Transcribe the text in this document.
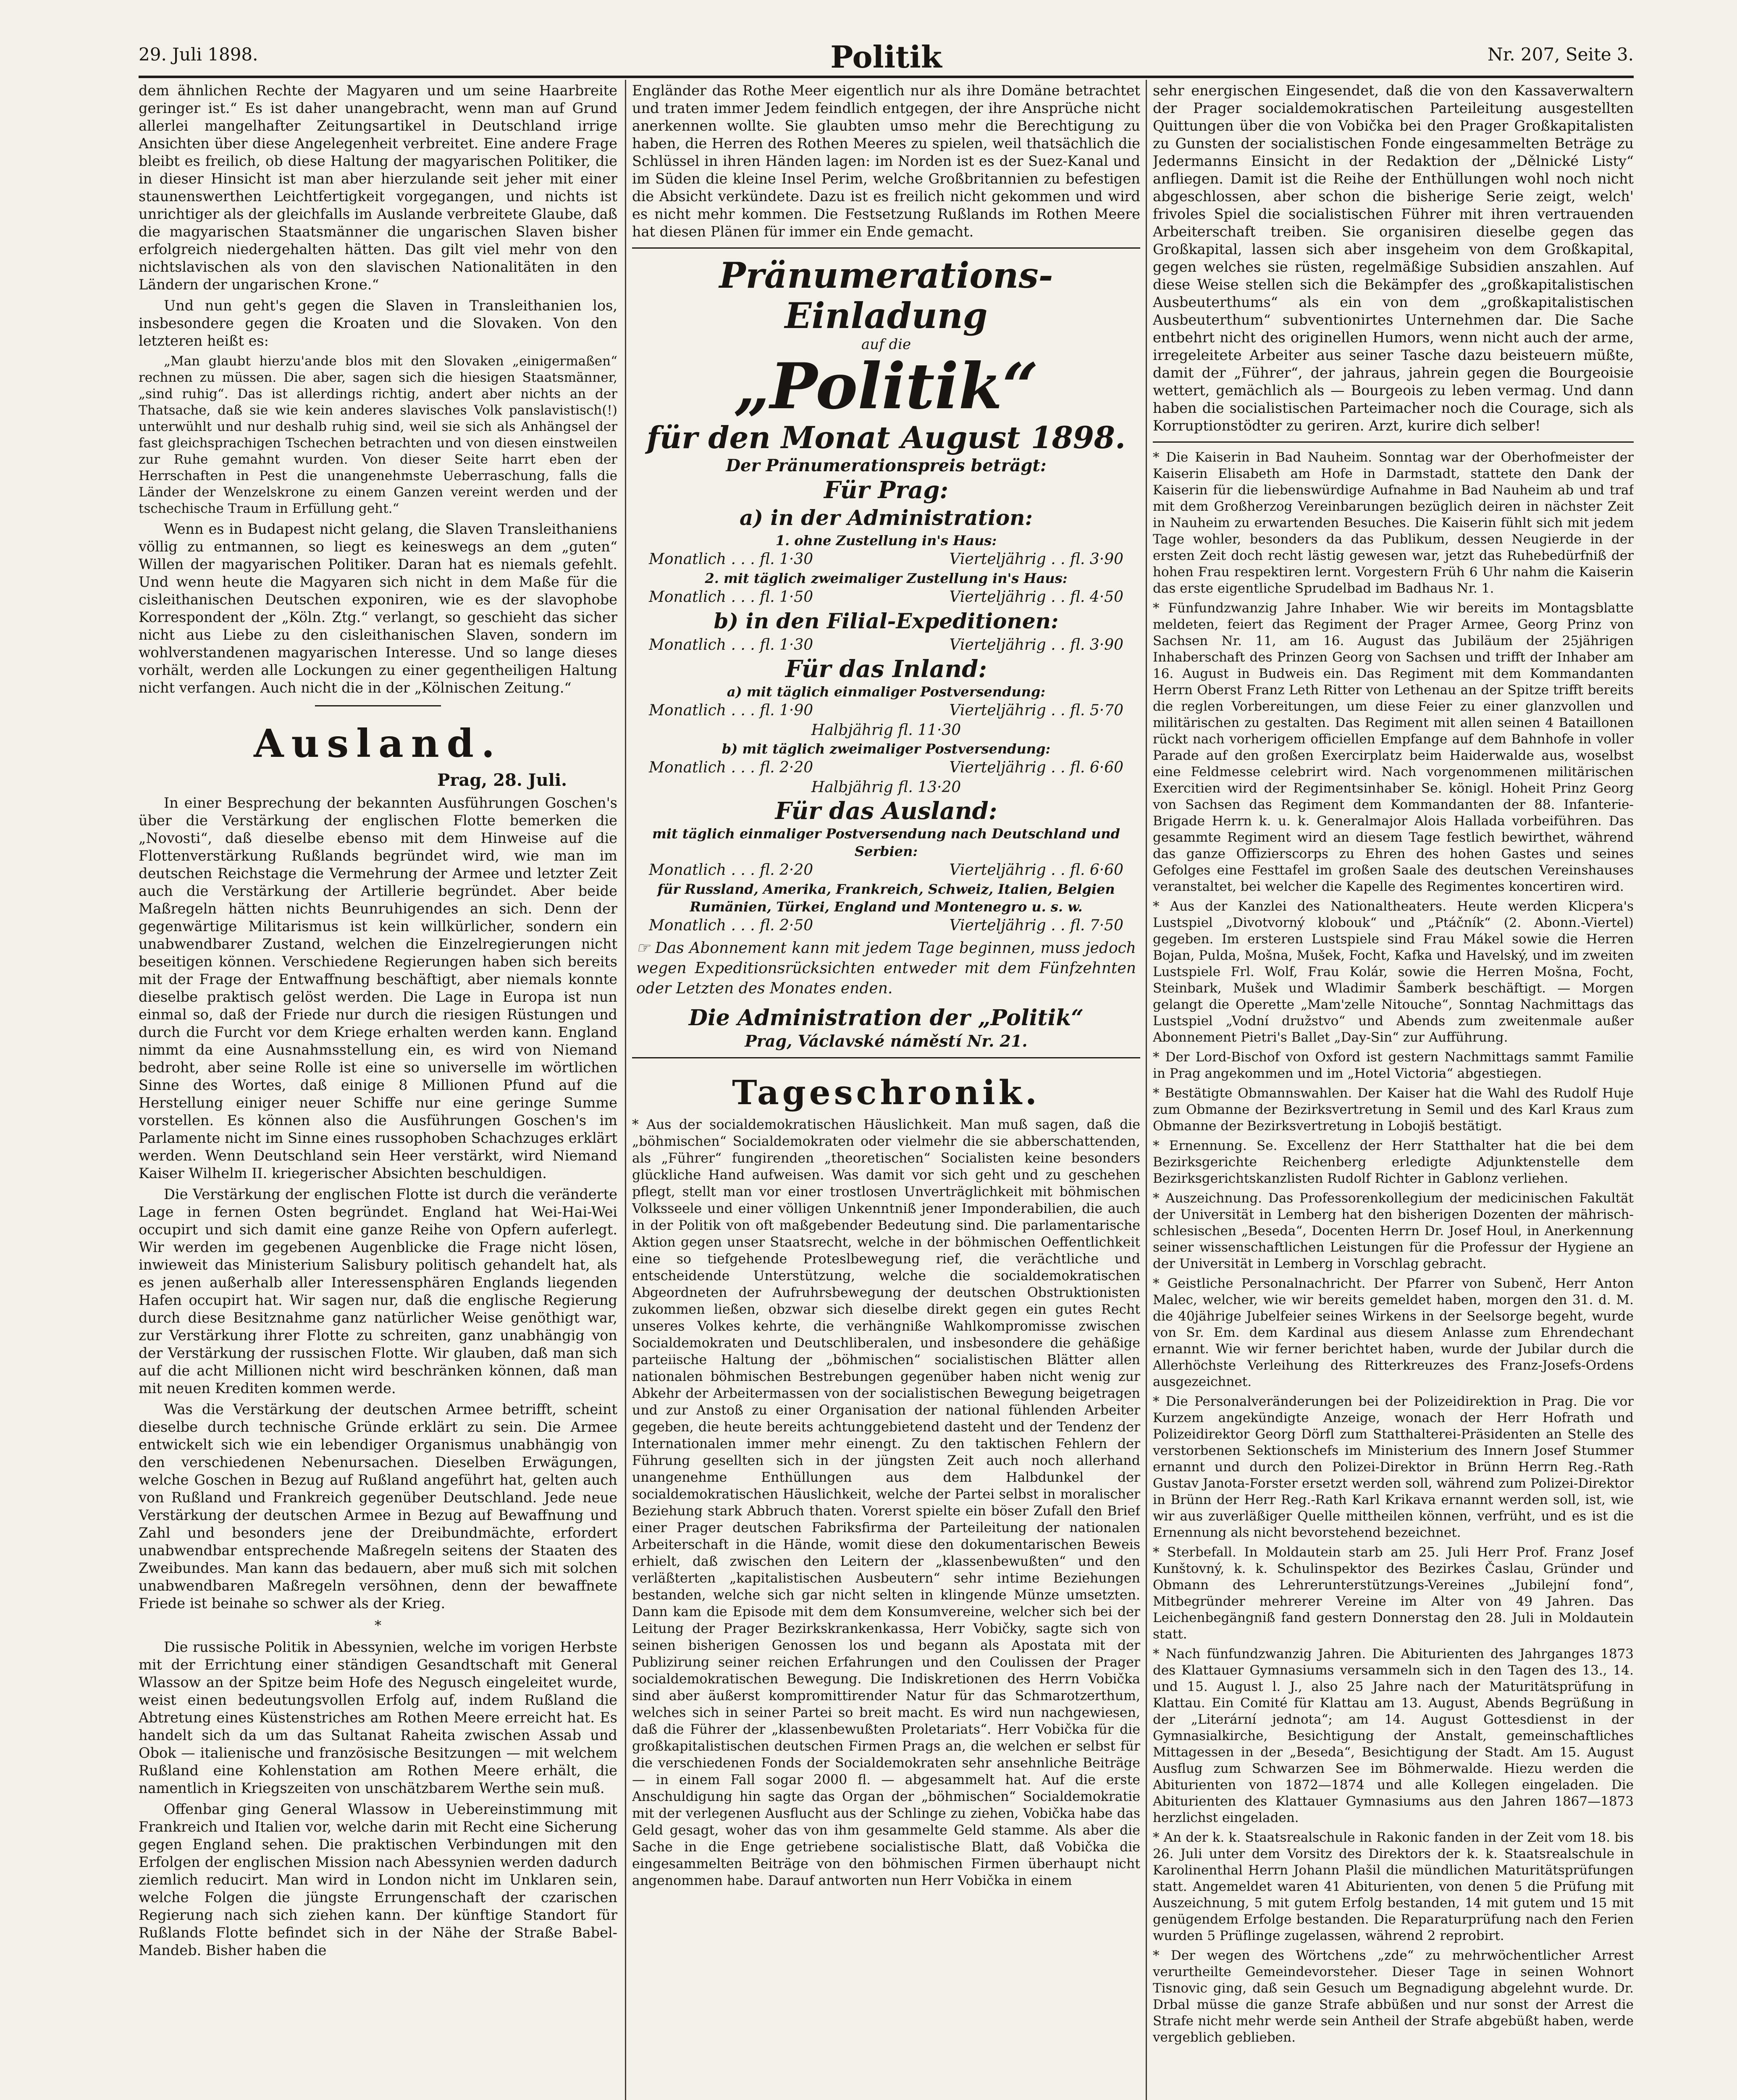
29. Juli 1898.	Politik	Nr. 207, Seite 3.

dem ähnlichen Rechte der Magyaren und um seine Haarbreite geringer ist.“ Es ist daher unangebracht, wenn man auf Grund allerlei mangelhafter Zeitungsartikel in Deutschland irrige Ansichten über diese Angelegenheit verbreitet. Eine andere Frage bleibt es freilich, ob diese Haltung der magyarischen Politiker, die in dieser Hinsicht ist man aber hierzulande seit jeher mit einer staunenswerthen Leichtfertigkeit vorgegangen, und nichts ist unrichtiger als der gleichfalls im Auslande verbreitete Glaube, daß die magyarischen Staatsmänner die ungarischen Slaven bisher erfolgreich niedergehalten hätten. Das gilt viel mehr von den nichtslavischen als von den slavischen Nationalitäten in den Ländern der ungarischen Krone.“

Und nun geht's gegen die Slaven in Transleithanien los, insbesondere gegen die Kroaten und die Slovaken. Von den letzteren heißt es:

„Man glaubt hierzu'ande blos mit den Slovaken „einigermaßen“ rechnen zu müssen. Die aber, sagen sich die hiesigen Staatsmänner, „sind ruhig“. Das ist allerdings richtig, andert aber nichts an der Thatsache, daß sie wie kein anderes slavisches Volk panslavistisch(!) unterwühlt und nur deshalb ruhig sind, weil sie sich als Anhängsel der fast gleichsprachigen Tschechen betrachten und von diesen einstweilen zur Ruhe gemahnt wurden. Von dieser Seite harrt eben der Herrschaften in Pest die unangenehmste Ueberraschung, falls die Länder der Wenzelskrone zu einem Ganzen vereint werden und der tschechische Traum in Erfüllung geht.“

Wenn es in Budapest nicht gelang, die Slaven Transleithaniens völlig zu entmannen, so liegt es keineswegs an dem „guten“ Willen der magyarischen Politiker. Daran hat es niemals gefehlt. Und wenn heute die Magyaren sich nicht in dem Maße für die cisleithanischen Deutschen exponiren, wie es der slavophobe Korrespondent der „Köln. Ztg.“ verlangt, so geschieht das sicher nicht aus Liebe zu den cisleithanischen Slaven, sondern im wohlverstandenen magyarischen Interesse. Und so lange dieses vorhält, werden alle Lockungen zu einer gegentheiligen Haltung nicht verfangen. Auch nicht die in der „Kölnischen Zeitung.“

Ausland.
Prag, 28. Juli.

In einer Besprechung der bekannten Ausführungen Goschen's über die Verstärkung der englischen Flotte bemerken die „Novosti“, daß dieselbe ebenso mit dem Hinweise auf die Flottenverstärkung Rußlands begründet wird, wie man im deutschen Reichstage die Vermehrung der Armee und letzter Zeit auch die Verstärkung der Artillerie begründet. Aber beide Maßregeln hätten nichts Beunruhigendes an sich. Denn der gegenwärtige Militarismus ist kein willkürlicher, sondern ein unabwendbarer Zustand, welchen die Einzelregierungen nicht beseitigen können. Verschiedene Regierungen haben sich bereits mit der Frage der Entwaffnung beschäftigt, aber niemals konnte dieselbe praktisch gelöst werden. Die Lage in Europa ist nun einmal so, daß der Friede nur durch die riesigen Rüstungen und durch die Furcht vor dem Kriege erhalten werden kann. England nimmt da eine Ausnahmsstellung ein, es wird von Niemand bedroht, aber seine Rolle ist eine so universelle im wörtlichen Sinne des Wortes, daß einige 8 Millionen Pfund auf die Herstellung einiger neuer Schiffe nur eine geringe Summe vorstellen. Es können also die Ausführungen Goschen's im Parlamente nicht im Sinne eines russophoben Schachzuges erklärt werden. Wenn Deutschland sein Heer verstärkt, wird Niemand Kaiser Wilhelm II. kriegerischer Absichten beschuldigen.

Die Verstärkung der englischen Flotte ist durch die veränderte Lage in fernen Osten begründet. England hat Wei-Hai-Wei occupirt und sich damit eine ganze Reihe von Opfern auferlegt. Wir werden im gegebenen Augenblicke die Frage nicht lösen, inwieweit das Ministerium Salisbury politisch gehandelt hat, als es jenen außerhalb aller Interessensphären Englands liegenden Hafen occupirt hat. Wir sagen nur, daß die englische Regierung durch diese Besitznahme ganz natürlicher Weise genöthigt war, zur Verstärkung ihrer Flotte zu schreiten, ganz unabhängig von der Verstärkung der russischen Flotte. Wir glauben, daß man sich auf die acht Millionen nicht wird beschränken können, daß man mit neuen Krediten kommen werde.

Was die Verstärkung der deutschen Armee betrifft, scheint dieselbe durch technische Gründe erklärt zu sein. Die Armee entwickelt sich wie ein lebendiger Organismus unabhängig von den verschiedenen Nebenursachen. Dieselben Erwägungen, welche Goschen in Bezug auf Rußland angeführt hat, gelten auch von Rußland und Frankreich gegenüber Deutschland. Jede neue Verstärkung der deutschen Armee in Bezug auf Bewaffnung und Zahl und besonders jene der Dreibundmächte, erfordert unabwendbar entsprechende Maßregeln seitens der Staaten des Zweibundes. Man kann das bedauern, aber muß sich mit solchen unabwendbaren Maßregeln versöhnen, denn der bewaffnete Friede ist beinahe so schwer als der Krieg.

*

Die russische Politik in Abessynien, welche im vorigen Herbste mit der Errichtung einer ständigen Gesandtschaft mit General Wlassow an der Spitze beim Hofe des Negusch eingeleitet wurde, weist einen bedeutungsvollen Erfolg auf, indem Rußland die Abtretung eines Küstenstriches am Rothen Meere erreicht hat. Es handelt sich da um das Sultanat Raheita zwischen Assab und Obok — italienische und französische Besitzungen — mit welchem Rußland eine Kohlenstation am Rothen Meere erhält, die namentlich in Kriegszeiten von unschätzbarem Werthe sein muß.

Offenbar ging General Wlassow in Uebereinstimmung mit Frankreich und Italien vor, welche darin mit Recht eine Sicherung gegen England sehen. Die praktischen Verbindungen mit den Erfolgen der englischen Mission nach Abessynien werden dadurch ziemlich reducirt. Man wird in London nicht im Unklaren sein, welche Folgen die jüngste Errungenschaft der czarischen Regierung nach sich ziehen kann. Der künftige Standort für Rußlands Flotte befindet sich in der Nähe der Straße Babel-Mandeb. Bisher haben die

Engländer das Rothe Meer eigentlich nur als ihre Domäne betrachtet und traten immer Jedem feindlich entgegen, der ihre Ansprüche nicht anerkennen wollte. Sie glaubten umso mehr die Berechtigung zu haben, die Herren des Rothen Meeres zu spielen, weil thatsächlich die Schlüssel in ihren Händen lagen: im Norden ist es der Suez-Kanal und im Süden die kleine Insel Perim, welche Großbritannien zu befestigen die Absicht verkündete. Dazu ist es freilich nicht gekommen und wird es nicht mehr kommen. Die Festsetzung Rußlands im Rothen Meere hat diesen Plänen für immer ein Ende gemacht.

Pränumerations-Einladung
auf die
„Politik“
für den Monat August 1898.
Der Pränumerationspreis beträgt:
Für Prag:
a) in der Administration:
1. ohne Zustellung in's Haus:
Monatlich . . . fl. 1·30	Vierteljährig . . fl. 3·90
2. mit täglich zweimaliger Zustellung in's Haus:
Monatlich . . . fl. 1·50	Vierteljährig . . fl. 4·50
b) in den Filial-Expeditionen:
Monatlich . . . fl. 1·30	Vierteljährig . . fl. 3·90
Für das Inland:
a) mit täglich einmaliger Postversendung:
Monatlich . . . fl. 1·90	Vierteljährig . . fl. 5·70
Halbjährig fl. 11·30
b) mit täglich zweimaliger Postversendung:
Monatlich . . . fl. 2·20	Vierteljährig . . fl. 6·60
Halbjährig fl. 13·20
Für das Ausland:
mit täglich einmaliger Postversendung nach Deutschland und Serbien:
Monatlich . . . fl. 2·20	Vierteljährig . . fl. 6·60
für Russland, Amerika, Frankreich, Schweiz, Italien, Belgien Rumänien, Türkei, England und Montenegro u. s. w.
Monatlich . . . fl. 2·50	Vierteljährig . . fl. 7·50
☞ Das Abonnement kann mit jedem Tage beginnen, muss jedoch wegen Expeditionsrücksichten entweder mit dem Fünfzehnten oder Letzten des Monates enden.
Die Administration der „Politik“
Prag, Václavské náměstí Nr. 21.
Tageschronik.

* Aus der socialdemokratischen Häuslichkeit. Man muß sagen, daß die „böhmischen“ Socialdemokraten oder vielmehr die sie abberschattenden, als „Führer“ fungirenden „theoretischen“ Socialisten keine besonders glückliche Hand aufweisen. Was damit vor sich geht und zu geschehen pflegt, stellt man vor einer trostlosen Unverträglichkeit mit böhmischen Volksseele und einer völligen Unkenntniß jener Imponderabilien, die auch in der Politik von oft maßgebender Bedeutung sind. Die parlamentarische Aktion gegen unser Staatsrecht, welche in der böhmischen Oeffentlichkeit eine so tiefgehende Proteslbewegung rief, die verächtliche und entscheidende Unterstützung, welche die socialdemokratischen Abgeordneten der Aufruhrsbewegung der deutschen Obstruktionisten zukommen ließen, obzwar sich dieselbe direkt gegen ein gutes Recht unseres Volkes kehrte, die verhängniße Wahlkompromisse zwischen Socialdemokraten und Deutschliberalen, und insbesondere die gehäßige parteiische Haltung der „böhmischen“ socialistischen Blätter allen nationalen böhmischen Bestrebungen gegenüber haben nicht wenig zur Abkehr der Arbeitermassen von der socialistischen Bewegung beigetragen und zur Anstoß zu einer Organisation der national fühlenden Arbeiter gegeben, die heute bereits achtunggebietend dasteht und der Tendenz der Internationalen immer mehr einengt. Zu den taktischen Fehlern der Führung gesellten sich in der jüngsten Zeit auch noch allerhand unangenehme Enthüllungen aus dem Halbdunkel der socialdemokratischen Häuslichkeit, welche der Partei selbst in moralischer Beziehung stark Abbruch thaten. Vorerst spielte ein böser Zufall den Brief einer Prager deutschen Fabriksfirma der Parteileitung der nationalen Arbeiterschaft in die Hände, womit diese den dokumentarischen Beweis erhielt, daß zwischen den Leitern der „klassenbewußten“ und den verläßterten „kapitalistischen Ausbeutern“ sehr intime Beziehungen bestanden, welche sich gar nicht selten in klingende Münze umsetzten. Dann kam die Episode mit dem dem Konsumvereine, welcher sich bei der Leitung der Prager Bezirkskrankenkassa, Herr Vobičky, sagte sich von seinen bisherigen Genossen los und begann als Apostata mit der Publizirung seiner reichen Erfahrungen und den Coulissen der Prager socialdemokratischen Bewegung. Die Indiskretionen des Herrn Vobička sind aber äußerst kompromittirender Natur für das Schmarotzerthum, welches sich in seiner Partei so breit macht. Es wird nun nachgewiesen, daß die Führer der „klassenbewußten Proletariats“. Herr Vobička für die großkapitalistischen deutschen Firmen Prags an, die welchen er selbst für die verschiedenen Fonds der Socialdemokraten sehr ansehnliche Beiträge — in einem Fall sogar 2000 fl. — abgesammelt hat. Auf die erste Anschuldigung hin sagte das Organ der „böhmischen“ Socialdemokratie mit der verlegenen Ausflucht aus der Schlinge zu ziehen, Vobička habe das Geld gesagt, woher das von ihm gesammelte Geld stamme. Als aber die Sache in die Enge getriebene socialistische Blatt, daß Vobička die eingesammelten Beiträge von den böhmischen Firmen überhaupt nicht angenommen habe. Darauf antworten nun Herr Vobička in einem

sehr energischen Eingesendet, daß die von den Kassaverwaltern der Prager socialdemokratischen Parteileitung ausgestellten Quittungen über die von Vobička bei den Prager Großkapitalisten zu Gunsten der socialistischen Fonde eingesammelten Beträge zu Jedermanns Einsicht in der Redaktion der „Dělnické Listy“ anfliegen. Damit ist die Reihe der Enthüllungen wohl noch nicht abgeschlossen, aber schon die bisherige Serie zeigt, welch' frivoles Spiel die socialistischen Führer mit ihren vertrauenden Arbeiterschaft treiben. Sie organisiren dieselbe gegen das Großkapital, lassen sich aber insgeheim von dem Großkapital, gegen welches sie rüsten, regelmäßige Subsidien anszahlen. Auf diese Weise stellen sich die Bekämpfer des „großkapitalistischen Ausbeuterthums“ als ein von dem „großkapitalistischen Ausbeuterthum“ subventionirtes Unternehmen dar. Die Sache entbehrt nicht des originellen Humors, wenn nicht auch der arme, irregeleitete Arbeiter aus seiner Tasche dazu beisteuern müßte, damit der „Führer“, der jahraus, jahrein gegen die Bourgeoisie wettert, gemächlich als — Bourgeois zu leben vermag. Und dann haben die socialistischen Parteimacher noch die Courage, sich als Korruptionstödter zu geriren. Arzt, kurire dich selber!

* Die Kaiserin in Bad Nauheim. Sonntag war der Oberhofmeister der Kaiserin Elisabeth am Hofe in Darmstadt, stattete den Dank der Kaiserin für die liebenswürdige Aufnahme in Bad Nauheim ab und traf mit dem Großherzog Vereinbarungen bezüglich deiren in nächster Zeit in Nauheim zu erwartenden Besuches. Die Kaiserin fühlt sich mit jedem Tage wohler, besonders da das Publikum, dessen Neugierde in der ersten Zeit doch recht lästig gewesen war, jetzt das Ruhebedürfniß der hohen Frau respektiren lernt. Vorgestern Früh 6 Uhr nahm die Kaiserin das erste eigentliche Sprudelbad im Badhaus Nr. 1.

* Fünfundzwanzig Jahre Inhaber. Wie wir bereits im Montagsblatte meldeten, feiert das Regiment der Prager Armee, Georg Prinz von Sachsen Nr. 11, am 16. August das Jubiläum der 25jährigen Inhaberschaft des Prinzen Georg von Sachsen und trifft der Inhaber am 16. August in Budweis ein. Das Regiment mit dem Kommandanten Herrn Oberst Franz Leth Ritter von Lethenau an der Spitze trifft bereits die reglen Vorbereitungen, um diese Feier zu einer glanzvollen und militärischen zu gestalten. Das Regiment mit allen seinen 4 Bataillonen rückt nach vorherigem officiellen Empfange auf dem Bahnhofe in voller Parade auf den großen Exercirplatz beim Haiderwalde aus, woselbst eine Feldmesse celebrirt wird. Nach vorgenommenen militärischen Exercitien wird der Regimentsinhaber Se. königl. Hoheit Prinz Georg von Sachsen das Regiment dem Kommandanten der 88. Infanterie-Brigade Herrn k. u. k. Generalmajor Alois Hallada vorbeiführen. Das gesammte Regiment wird an diesem Tage festlich bewirthet, während das ganze Offizierscorps zu Ehren des hohen Gastes und seines Gefolges eine Festtafel im großen Saale des deutschen Vereinshauses veranstaltet, bei welcher die Kapelle des Regimentes koncertiren wird.

* Aus der Kanzlei des Nationaltheaters. Heute werden Klicpera's Lustspiel „Divotvorný klobouk“ und „Ptáčník“ (2. Abonn.-Viertel) gegeben. Im ersteren Lustspiele sind Frau Mákel sowie die Herren Bojan, Pulda, Mošna, Mušek, Focht, Kafka und Havelský, und im zweiten Lustspiele Frl. Wolf, Frau Kolár, sowie die Herren Mošna, Focht, Steinbark, Mušek und Wladimir Šamberk beschäftigt. — Morgen gelangt die Operette „Mam'zelle Nitouche“, Sonntag Nachmittags das Lustspiel „Vodní družstvo“ und Abends zum zweitenmale außer Abonnement Pietri's Ballet „Day-Sin“ zur Aufführung.

* Der Lord-Bischof von Oxford ist gestern Nachmittags sammt Familie in Prag angekommen und im „Hotel Victoria“ abgestiegen.

* Bestätigte Obmannswahlen. Der Kaiser hat die Wahl des Rudolf Huje zum Obmanne der Bezirksvertretung in Semil und des Karl Kraus zum Obmanne der Bezirksvertretung in Lobojiš bestätigt.

* Ernennung. Se. Excellenz der Herr Statthalter hat die bei dem Bezirksgerichte Reichenberg erledigte Adjunktenstelle dem Bezirksgerichtskanzlisten Rudolf Richter in Gablonz verliehen.

* Auszeichnung. Das Professorenkollegium der medicinischen Fakultät der Universität in Lemberg hat den bisherigen Dozenten der mährisch-schlesischen „Beseda“, Docenten Herrn Dr. Josef Houl, in Anerkennung seiner wissenschaftlichen Leistungen für die Professur der Hygiene an der Universität in Lemberg in Vorschlag gebracht.

* Geistliche Personalnachricht. Der Pfarrer von Subenč, Herr Anton Malec, welcher, wie wir bereits gemeldet haben, morgen den 31. d. M. die 40jährige Jubelfeier seines Wirkens in der Seelsorge begeht, wurde von Sr. Em. dem Kardinal aus diesem Anlasse zum Ehrendechant ernannt. Wie wir ferner berichtet haben, wurde der Jubilar durch die Allerhöchste Verleihung des Ritterkreuzes des Franz-Josefs-Ordens ausgezeichnet.

* Die Personalveränderungen bei der Polizeidirektion in Prag. Die vor Kurzem angekündigte Anzeige, wonach der Herr Hofrath und Polizeidirektor Georg Dörfl zum Statthalterei-Präsidenten an Stelle des verstorbenen Sektionschefs im Ministerium des Innern Josef Stummer ernannt und durch den Polizei-Direktor in Brünn Herrn Reg.-Rath Gustav Janota-Forster ersetzt werden soll, während zum Polizei-Direktor in Brünn der Herr Reg.-Rath Karl Krikava ernannt werden soll, ist, wie wir aus zuverläßiger Quelle mittheilen können, verfrüht, und es ist die Ernennung als nicht bevorstehend bezeichnet.

* Sterbefall. In Moldautein starb am 25. Juli Herr Prof. Franz Josef Kunštovný, k. k. Schulinspektor des Bezirkes Časlau, Gründer und Obmann des Lehrerunterstützungs-Vereines „Jubilejní fond“, Mitbegründer mehrerer Vereine im Alter von 49 Jahren. Das Leichenbegängniß fand gestern Donnerstag den 28. Juli in Moldautein statt.

* Nach fünfundzwanzig Jahren. Die Abiturienten des Jahrganges 1873 des Klattauer Gymnasiums versammeln sich in den Tagen des 13., 14. und 15. August l. J., also 25 Jahre nach der Maturitätsprüfung in Klattau. Ein Comité für Klattau am 13. August, Abends Begrüßung in der „Literární jednota“; am 14. August Gottesdienst in der Gymnasialkirche, Besichtigung der Anstalt, gemeinschaftliches Mittagessen in der „Beseda“, Besichtigung der Stadt. Am 15. August Ausflug zum Schwarzen See im Böhmerwalde. Hiezu werden die Abiturienten von 1872—1874 und alle Kollegen eingeladen. Die Abiturienten des Klattauer Gymnasiums aus den Jahren 1867—1873 herzlichst eingeladen.

* An der k. k. Staatsrealschule in Rakonic fanden in der Zeit vom 18. bis 26. Juli unter dem Vorsitz des Direktors der k. k. Staatsrealschule in Karolinenthal Herrn Johann Plašil die mündlichen Maturitätsprüfungen statt. Angemeldet waren 41 Abiturienten, von denen 5 die Prüfung mit Auszeichnung, 5 mit gutem Erfolg bestanden, 14 mit gutem und 15 mit genügendem Erfolge bestanden. Die Reparaturprüfung nach den Ferien wurden 5 Prüflinge zugelassen, während 2 reprobirt.

* Der wegen des Wörtchens „zde“ zu mehrwöchentlicher Arrest verurtheilte Gemeindevorsteher. Dieser Tage in seinen Wohnort Tisnovic ging, daß sein Gesuch um Begnadigung abgelehnt wurde. Dr. Drbal müsse die ganze Strafe abbüßen und nur sonst der Arrest die Strafe nicht mehr werde sein Antheil der Strafe abgebüßt haben, werde vergeblich geblieben.
